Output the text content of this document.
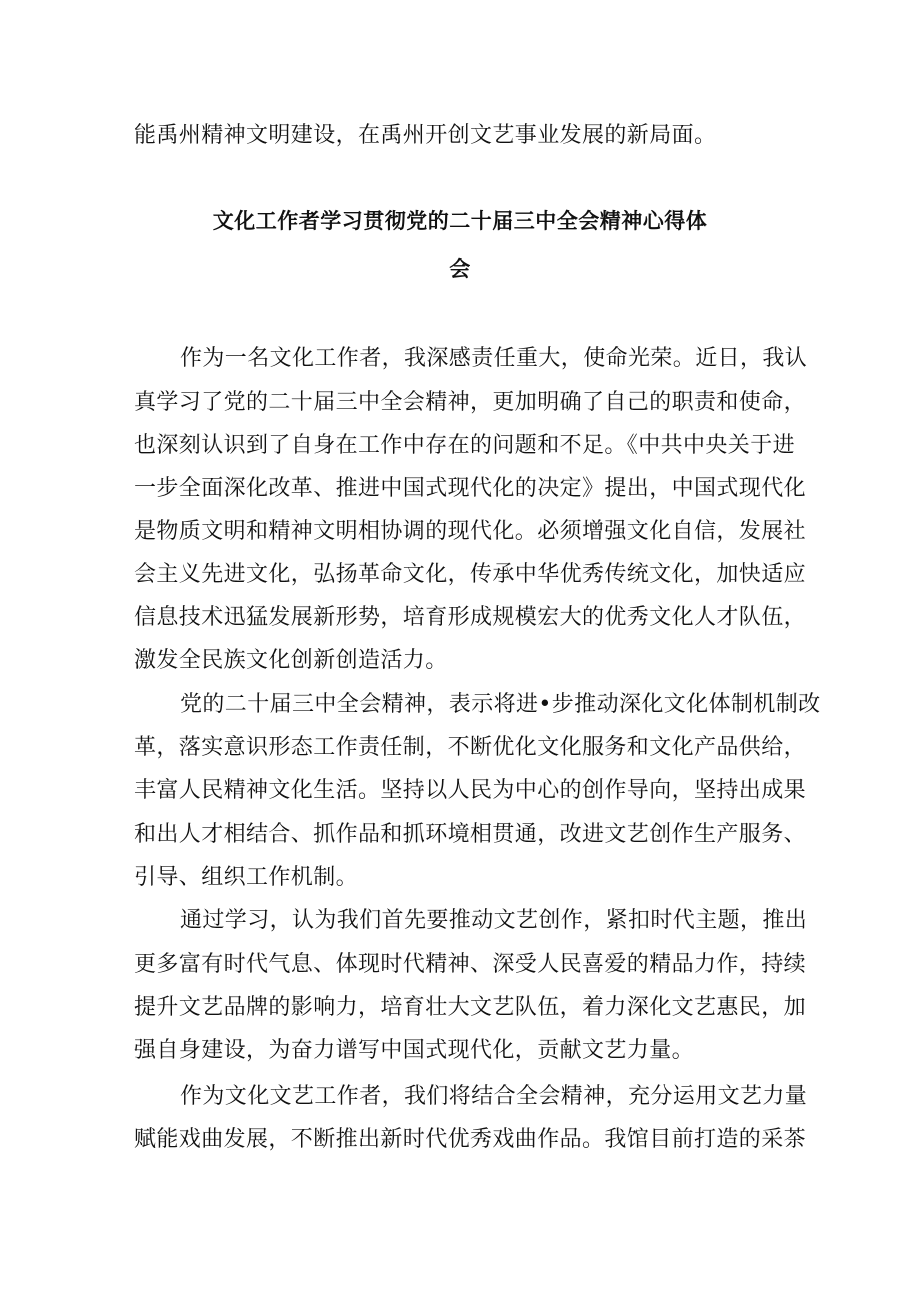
能禹州精神文明建设，在禹州开创文艺事业发展的新局面。
文化工作者学习贯彻党的二十届三中全会精神心得体
会
作为一名文化工作者，我深感责任重大，使命光荣。近日，我认
真学习了党的二十届三中全会精神，更加明确了自己的职责和使命，
也深刻认识到了自身在工作中存在的问题和不足。《中共中央关于进
一步全面深化改革、推进中国式现代化的决定》提出，中国式现代化
是物质文明和精神文明相协调的现代化。必须增强文化自信，发展社
会主义先进文化，弘扬革命文化，传承中华优秀传统文化，加快适应
信息技术迅猛发展新形势，培育形成规模宏大的优秀文化人才队伍，
激发全民族文化创新创造活力。
党的二十届三中全会精神，表示将进•步推动深化文化体制机制改
革，落实意识形态工作责任制，不断优化文化服务和文化产品供给，
丰富人民精神文化生活。坚持以人民为中心的创作导向，坚持出成果
和出人才相结合、抓作品和抓环境相贯通，改进文艺创作生产服务、
引导、组织工作机制。
通过学习，认为我们首先要推动文艺创作，紧扣时代主题，推出
更多富有时代气息、体现时代精神、深受人民喜爱的精品力作，持续
提升文艺品牌的影响力，培育壮大文艺队伍，着力深化文艺惠民，加
强自身建设，为奋力谱写中国式现代化，贡献文艺力量。
作为文化文艺工作者，我们将结合全会精神，充分运用文艺力量
赋能戏曲发展，不断推出新时代优秀戏曲作品。我馆目前打造的采茶
